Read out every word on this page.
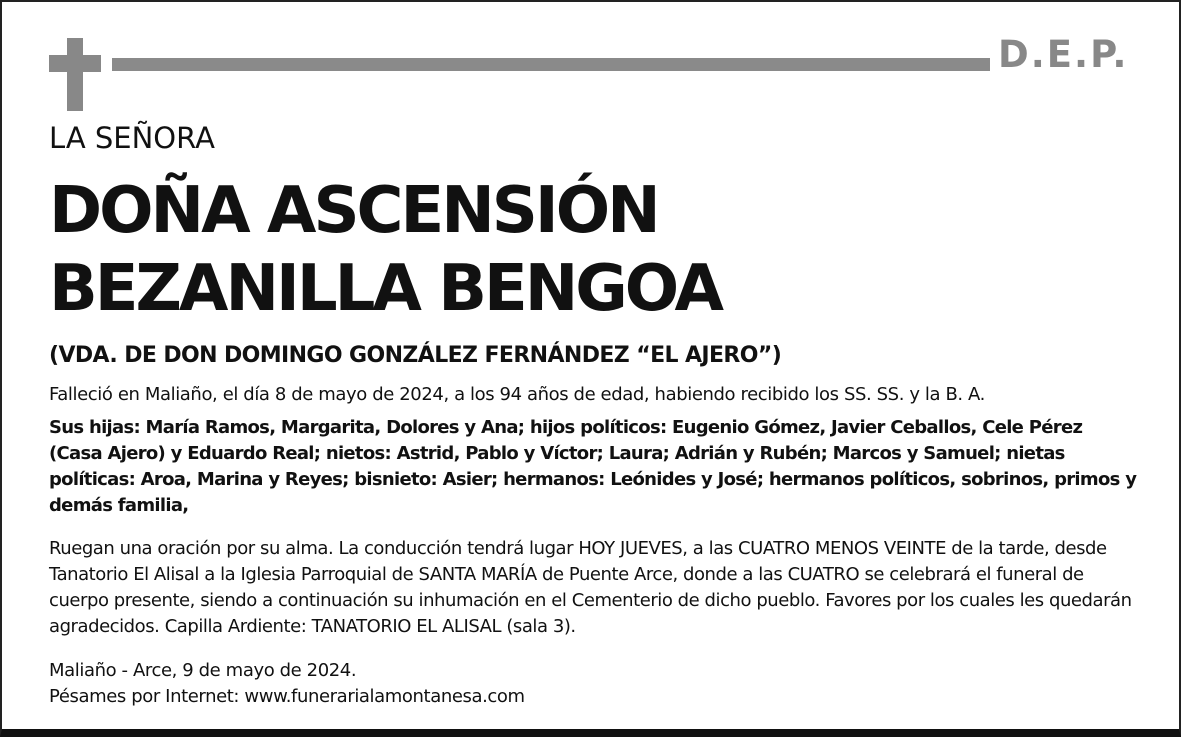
D.E.P.

LA SEÑORA

DOÑA ASCENSIÓN
BEZANILLA BENGOA

(VDA. DE DON DOMINGO GONZÁLEZ FERNÁNDEZ “EL AJERO”)

Falleció en Maliaño, el día 8 de mayo de 2024, a los 94 años de edad, habiendo recibido los SS. SS. y la B. A.

Sus hijas: María Ramos, Margarita, Dolores y Ana; hijos políticos: Eugenio Gómez, Javier Ceballos, Cele Pérez (Casa Ajero) y Eduardo Real; nietos: Astrid, Pablo y Víctor; Laura; Adrián y Rubén; Marcos y Samuel; nietas políticas: Aroa, Marina y Reyes; bisnieto: Asier; hermanos: Leónides y José; hermanos políticos, sobrinos, primos y demás familia,

Ruegan una oración por su alma. La conducción tendrá lugar HOY JUEVES, a las CUATRO MENOS VEINTE de la tarde, desde Tanatorio El Alisal a la Iglesia Parroquial de SANTA MARÍA de Puente Arce, donde a las CUATRO se celebrará el funeral de cuerpo presente, siendo a continuación su inhumación en el Cementerio de dicho pueblo. Favores por los cuales les quedarán agradecidos. Capilla Ardiente: TANATORIO EL ALISAL (sala 3).

Maliaño - Arce, 9 de mayo de 2024.
Pésames por Internet: www.funerarialamontanesa.com
